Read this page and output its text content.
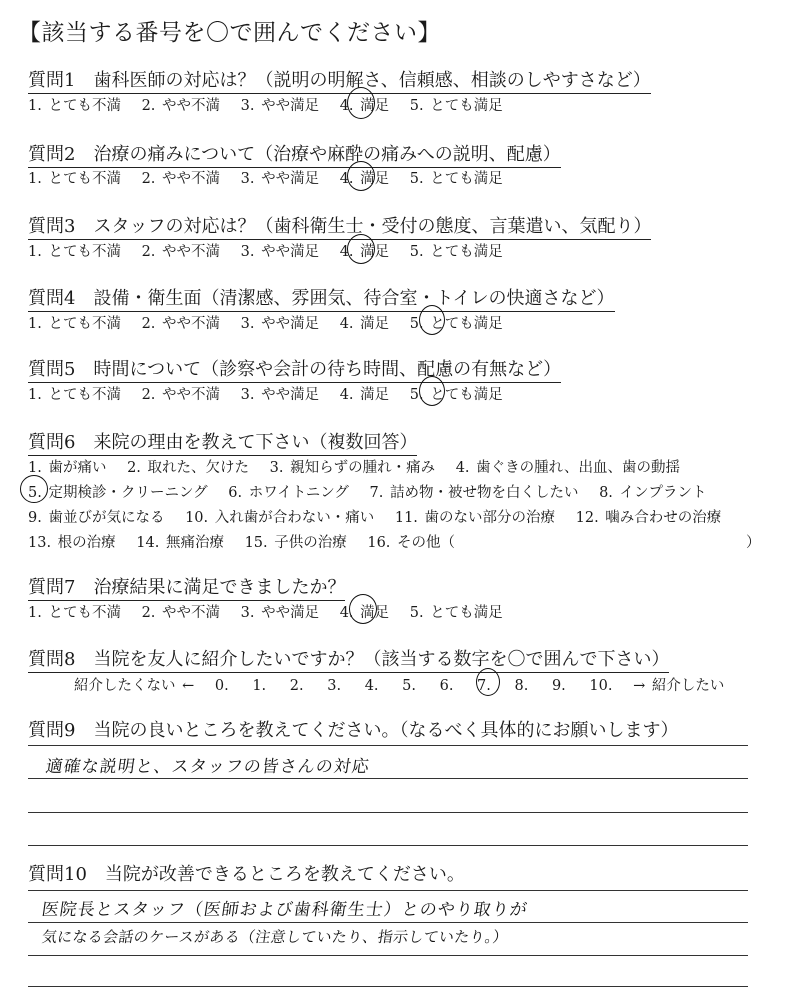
【該当する番号を〇で囲んでください】
質問1　歯科医師の対応は？（説明の明解さ、信頼感、相談のしやすさなど）
1. とても不満 2. やや不満 3. やや満足 4. 満足 5. とても満足
質問2　治療の痛みについて（治療や麻酔の痛みへの説明、配慮）
1. とても不満 2. やや不満 3. やや満足 4. 満足 5. とても満足
質問3　スタッフの対応は？（歯科衛生士・受付の態度、言葉遣い、気配り）
1. とても不満 2. やや不満 3. やや満足 4. 満足 5. とても満足
質問4　設備・衛生面（清潔感、雰囲気、待合室・トイレの快適さなど）
1. とても不満 2. やや不満 3. やや満足 4. 満足 5. とても満足
質問5　時間について（診察や会計の待ち時間、配慮の有無など）
1. とても不満 2. やや不満 3. やや満足 4. 満足 5. とても満足
質問6　来院の理由を教えて下さい（複数回答）
1. 歯が痛い 2. 取れた、欠けた 3. 親知らずの腫れ・痛み 4. 歯ぐきの腫れ、出血、歯の動揺
5. 定期検診・クリーニング 6. ホワイトニング 7. 詰め物・被せ物を白くしたい 8. インプラント
9. 歯並びが気になる 10. 入れ歯が合わない・痛い 11. 歯のない部分の治療 12. 噛み合わせの治療
13. 根の治療 14. 無痛治療 15. 子供の治療 16. その他（	）
質問7　治療結果に満足できましたか？
1. とても不満 2. やや不満 3. やや満足 4. 満足 5. とても満足
質問8　当院を友人に紹介したいですか？（該当する数字を〇で囲んで下さい）
紹介したくない ← 0. 1. 2. 3. 4. 5. 6. 7. 8. 9. 10. → 紹介したい
質問9　当院の良いところを教えてください。（なるべく具体的にお願いします）
適確な説明と、スタッフの皆さんの対応
質問10　当院が改善できるところを教えてください。
医院長とスタッフ（医師および歯科衛生士）とのやり取りが
気になる会話のケースがある（注意していたり、指示していたり。）
